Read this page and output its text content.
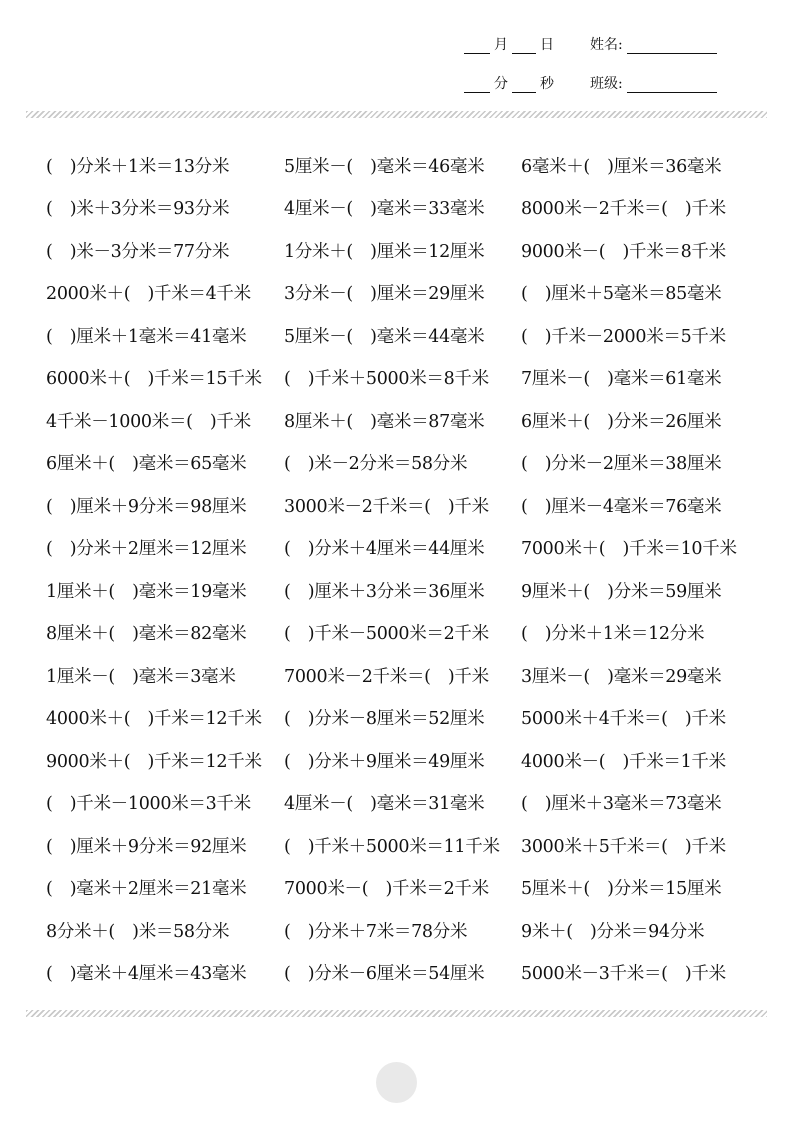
月 日	姓名:
分 秒	班级:
(　)分米＋1米＝13分米	5厘米－(　)毫米＝46毫米	6毫米＋(　)厘米＝36毫米
(　)米＋3分米＝93分米	4厘米－(　)毫米＝33毫米	8000米－2千米＝(　)千米
(　)米－3分米＝77分米	1分米＋(　)厘米＝12厘米	9000米－(　)千米＝8千米
2000米＋(　)千米＝4千米	3分米－(　)厘米＝29厘米	(　)厘米＋5毫米＝85毫米
(　)厘米＋1毫米＝41毫米	5厘米－(　)毫米＝44毫米	(　)千米－2000米＝5千米
6000米＋(　)千米＝15千米	(　)千米＋5000米＝8千米	7厘米－(　)毫米＝61毫米
4千米－1000米＝(　)千米	8厘米＋(　)毫米＝87毫米	6厘米＋(　)分米＝26厘米
6厘米＋(　)毫米＝65毫米	(　)米－2分米＝58分米	(　)分米－2厘米＝38厘米
(　)厘米＋9分米＝98厘米	3000米－2千米＝(　)千米	(　)厘米－4毫米＝76毫米
(　)分米＋2厘米＝12厘米	(　)分米＋4厘米＝44厘米	7000米＋(　)千米＝10千米
1厘米＋(　)毫米＝19毫米	(　)厘米＋3分米＝36厘米	9厘米＋(　)分米＝59厘米
8厘米＋(　)毫米＝82毫米	(　)千米－5000米＝2千米	(　)分米＋1米＝12分米
1厘米－(　)毫米＝3毫米	7000米－2千米＝(　)千米	3厘米－(　)毫米＝29毫米
4000米＋(　)千米＝12千米	(　)分米－8厘米＝52厘米	5000米＋4千米＝(　)千米
9000米＋(　)千米＝12千米	(　)分米＋9厘米＝49厘米	4000米－(　)千米＝1千米
(　)千米－1000米＝3千米	4厘米－(　)毫米＝31毫米	(　)厘米＋3毫米＝73毫米
(　)厘米＋9分米＝92厘米	(　)千米＋5000米＝11千米	3000米＋5千米＝(　)千米
(　)毫米＋2厘米＝21毫米	7000米－(　)千米＝2千米	5厘米＋(　)分米＝15厘米
8分米＋(　)米＝58分米	(　)分米＋7米＝78分米	9米＋(　)分米＝94分米
(　)毫米＋4厘米＝43毫米	(　)分米－6厘米＝54厘米	5000米－3千米＝(　)千米
